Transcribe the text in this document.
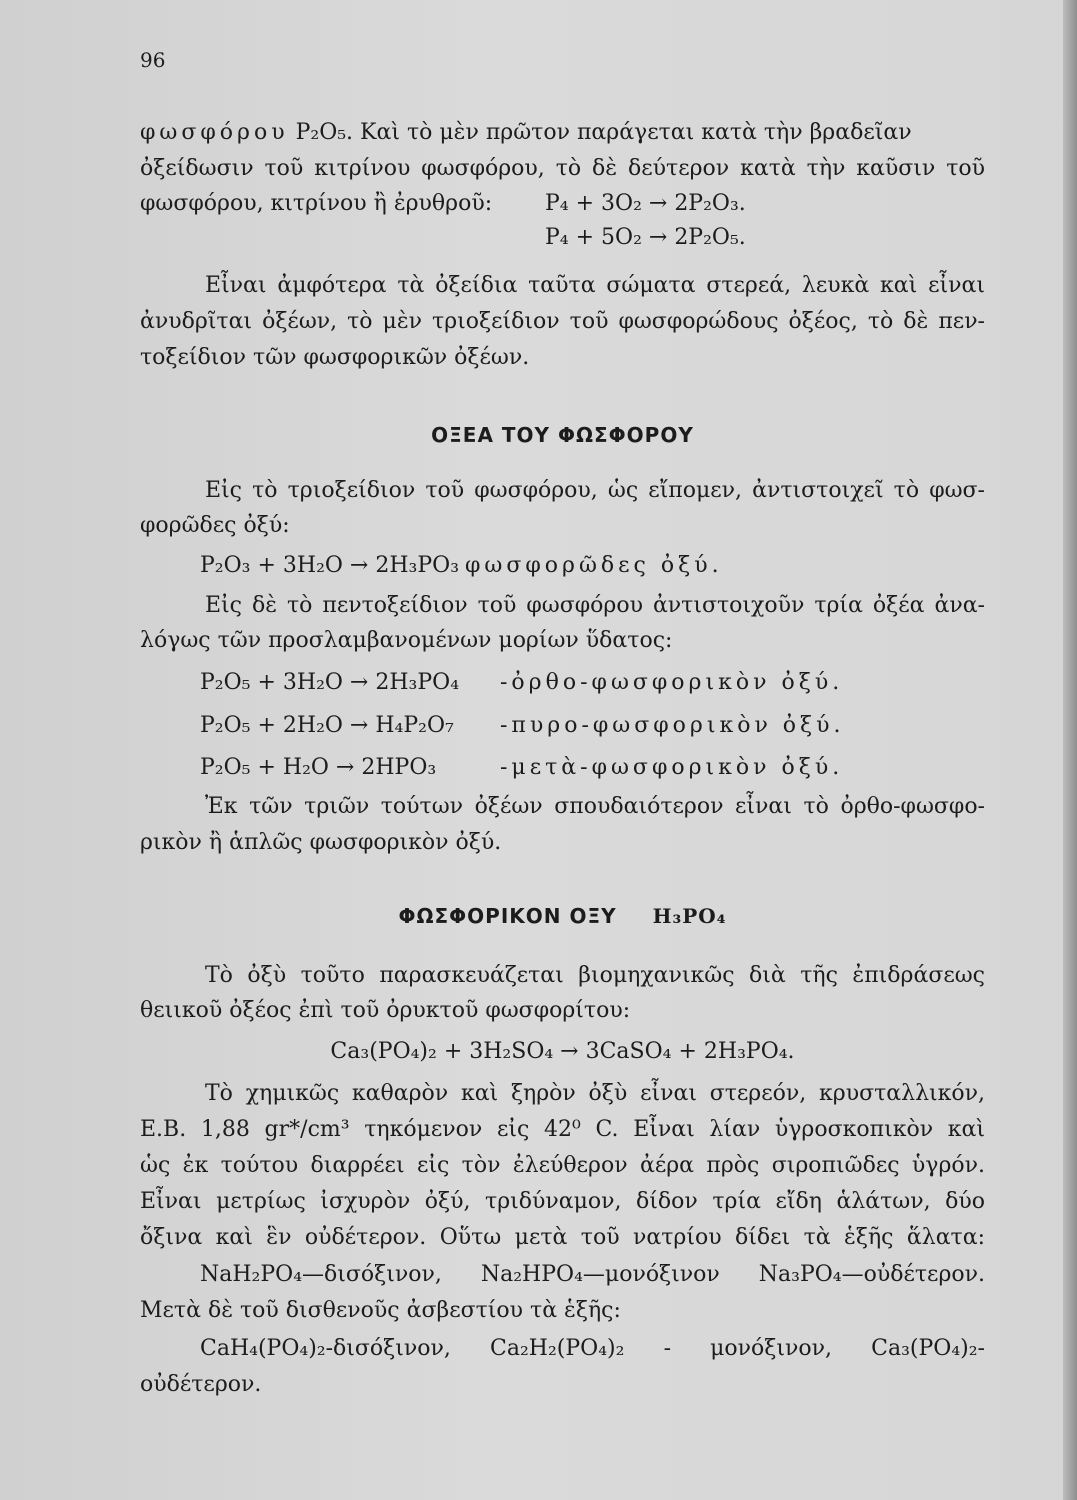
96
φωσφόρου P₂O₅. Καὶ τὸ μὲν πρῶτον παράγεται κατὰ τὴν βραδεῖαν
ὀξείδωσιν τοῦ κιτρίνου φωσφόρου, τὸ δὲ δεύτερον κατὰ τὴν καῦσιν τοῦ
φωσφόρου, κιτρίνου ἢ ἐρυθροῦ: P₄ + 3O₂ → 2P₂O₃.
P₄ + 5O₂ → 2P₂O₅.
Εἶναι ἀμφότερα τὰ ὀξείδια ταῦτα σώματα στερεά, λευκὰ καὶ εἶναι
ἀνυδρῖται ὀξέων, τὸ μὲν τριοξείδιον τοῦ φωσφορώδους ὀξέος, τὸ δὲ πεν-
τοξείδιον τῶν φωσφορικῶν ὀξέων.
ΟΞΕΑ ΤΟΥ ΦΩΣΦΟΡΟΥ
Εἰς τὸ τριοξείδιον τοῦ φωσφόρου, ὡς εἴπομεν, ἀντιστοιχεῖ τὸ φωσ-
φορῶδες ὀξύ:
P₂O₃ + 3H₂O → 2H₃PO₃ φωσφορῶδες ὀξύ.
Εἰς δὲ τὸ πεντοξείδιον τοῦ φωσφόρου ἀντιστοιχοῦν τρία ὀξέα ἀνα-
λόγως τῶν προσλαμβανομένων μορίων ὕδατος:
P₂O₅ + 3H₂O → 2H₃PO₄ -ὀρθο-φωσφορικὸν ὀξύ.
P₂O₅ + 2H₂O → H₄P₂O₇ -πυρο-φωσφορικὸν ὀξύ.
P₂O₅ + H₂O → 2HPO₃	-μετὰ-φωσφορικὸν ὀξύ.
Ἐκ τῶν τριῶν τούτων ὀξέων σπουδαιότερον εἶναι τὸ ὀρθο-φωσφο-
ρικὸν ἢ ἁπλῶς φωσφορικὸν ὀξύ.
ΦΩΣΦΟΡΙΚΟΝ ΟΞΥ H₃PO₄
Τὸ ὀξὺ τοῦτο παρασκευάζεται βιομηχανικῶς διὰ τῆς ἐπιδράσεως
θειικοῦ ὀξέος ἐπὶ τοῦ ὀρυκτοῦ φωσφορίτου:
Ca₃(PO₄)₂ + 3H₂SO₄ → 3CaSO₄ + 2H₃PO₄.
Τὸ χημικῶς καθαρὸν καὶ ξηρὸν ὀξὺ εἶναι στερεόν, κρυσταλλικόν,
Ε.Β. 1,88 gr*/cm³ τηκόμενον εἰς 42⁰ C. Εἶναι λίαν ὑγροσκοπικὸν καὶ
ὡς ἐκ τούτου διαρρέει εἰς τὸν ἐλεύθερον ἀέρα πρὸς σιροπιῶδες ὑγρόν.
Εἶναι μετρίως ἰσχυρὸν ὀξύ, τριδύναμον, δίδον τρία εἴδη ἁλάτων, δύο
ὄξινα καὶ ἓν οὐδέτερον. Οὕτω μετὰ τοῦ νατρίου δίδει τὰ ἑξῆς ἅλατα:
NaH₂PO₄—δισόξινον, Na₂HPO₄—μονόξινον Na₃PO₄—οὐδέτερον.
Μετὰ δὲ τοῦ δισθενοῦς ἀσβεστίου τὰ ἑξῆς:
CaH₄(PO₄)₂-δισόξινον, Ca₂H₂(PO₄)₂ - μονόξινον, Ca₃(PO₄)₂-
οὐδέτερον.
